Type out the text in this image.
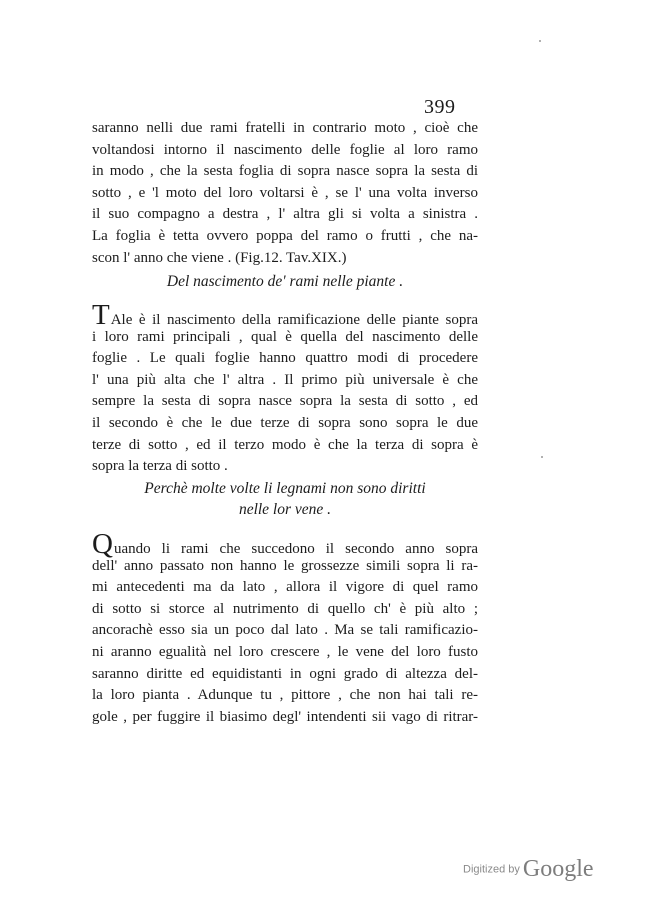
399
saranno nelli due rami fratelli in contrario moto , cioè che
voltandosi intorno il nascimento delle foglie al loro ramo
in modo , che la sesta foglia di sopra nasce sopra la sesta di
sotto , e 'l moto del loro voltarsi è , se l' una volta inverso
il suo compagno a destra , l' altra gli si volta a sinistra .
La foglia è tetta ovvero poppa del ramo o frutti , che na-
scon l' anno che viene . (Fig.12. Tav.XIX.)
Del nascimento de' rami nelle piante .
TAle è il nascimento della ramificazione delle piante sopra
i loro rami principali , qual è quella del nascimento delle
foglie . Le quali foglie hanno quattro modi di procedere
l' una più alta che l' altra . Il primo più universale è che
sempre la sesta di sopra nasce sopra la sesta di sotto , ed
il secondo è che le due terze di sopra sono sopra le due
terze di sotto , ed il terzo modo è che la terza di sopra è
sopra la terza di sotto .
Perchè molte volte li legnami non sono diritti
nelle lor vene .
Quando li rami che succedono il secondo anno sopra
dell' anno passato non hanno le grossezze simili sopra li ra-
mi antecedenti ma da lato , allora il vigore di quel ramo
di sotto si storce al nutrimento di quello ch' è più alto ;
ancorachè esso sia un poco dal lato . Ma se tali ramificazio-
ni aranno egualità nel loro crescere , le vene del loro fusto
saranno diritte ed equidistanti in ogni grado di altezza del-
la loro pianta . Adunque tu , pittore , che non hai tali re-
gole , per fuggire il biasimo degl' intendenti sii vago di ritrar-
Digitized by Google
